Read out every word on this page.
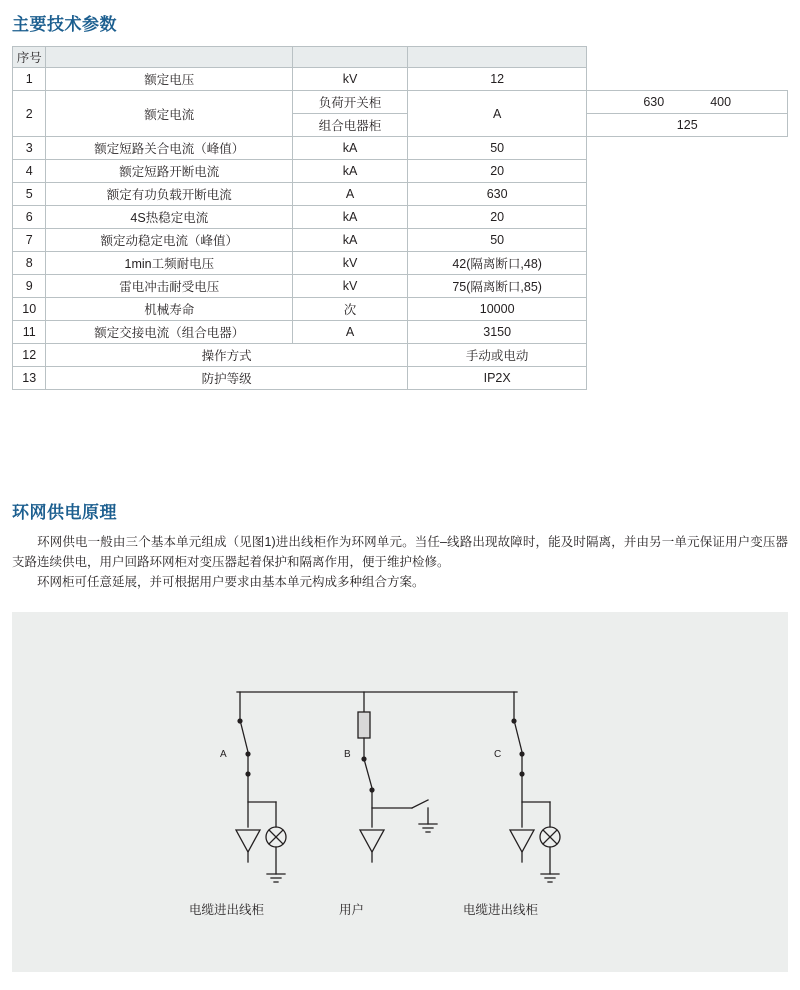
主要技术参数
序号				
1	额定电压	kV	12	
2	额定电流	负荷开关柜	A	630 400

		组合电器柜		125
3	额定短路关合电流（峰值）	kA	50	
4	额定短路开断电流	kA	20	
5	额定有功负载开断电流	A	630	
6	4S热稳定电流	kA	20	
7	额定动稳定电流（峰值）	kA	50	
8	1min工频耐电压	kV	42(隔离断口,48)	
9	雷电冲击耐受电压	kV	75(隔离断口,85)	
10	机械寿命	次	10000	
11	额定交接电流（组合电器）	A	3150	
12	操作方式		手动或电动	
13	防护等级		IP2X	
环网供电原理
环网供电一般由三个基本单元组成（见图1)进出线柜作为环网单元。当任–线路出现故障时，能及时隔离，并由另一单元保证用户变压器支路连续供电，用户回路环网柜对变压器起着保护和隔离作用，便于维护检修。
环网柜可任意延展，并可根据用户要求由基本单元构成多种组合方案。
A	B	C
电缆进出线柜	用户	电缆进出线柜
